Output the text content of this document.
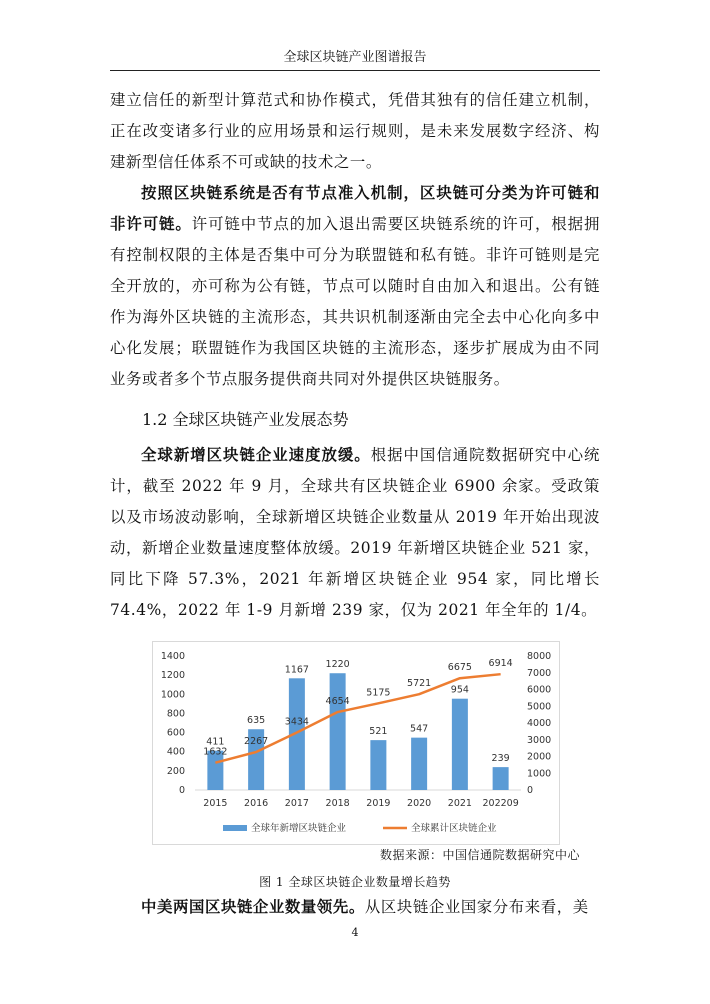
全球区块链产业图谱报告

建立信任的新型计算范式和协作模式，凭借其独有的信任建立机制，正在改变诸多行业的应用场景和运行规则，是未来发展数字经济、构建新型信任体系不可或缺的技术之一。

按照区块链系统是否有节点准入机制，区块链可分类为许可链和非许可链。许可链中节点的加入退出需要区块链系统的许可，根据拥有控制权限的主体是否集中可分为联盟链和私有链。非许可链则是完全开放的，亦可称为公有链，节点可以随时自由加入和退出。公有链作为海外区块链的主流形态，其共识机制逐渐由完全去中心化向多中心化发展；联盟链作为我国区块链的主流形态，逐步扩展成为由不同业务或者多个节点服务提供商共同对外提供区块链服务。

1.2 全球区块链产业发展态势

全球新增区块链企业速度放缓。根据中国信通院数据研究中心统计，截至 2022 年 9 月，全球共有区块链企业 6900 余家。受政策以及市场波动影响，全球新增区块链企业数量从 2019 年开始出现波动，新增企业数量速度整体放缓。2019 年新增区块链企业 521 家，同比下降 57.3%，2021 年新增区块链企业 954 家，同比增长 74.4%，2022 年 1-9 月新增 239 家，仅为 2021 年全年的 1/4。

0
200
400
600
800
1000
1200
1400
0
1000
2000
3000
4000
5000
6000
7000
8000
2015 2016 2017 2018 2019 2020 2021 202209
411
635
1167 1220
521 547
954
239
1632
2267
3434
4654
5175
5721
6675 6914
全球年新增区块链企业	全球累计区块链企业
数据来源：中国信通院数据研究中心
图 1 全球区块链企业数量增长趋势

中美两国区块链企业数量领先。从区块链企业国家分布来看，美

4
